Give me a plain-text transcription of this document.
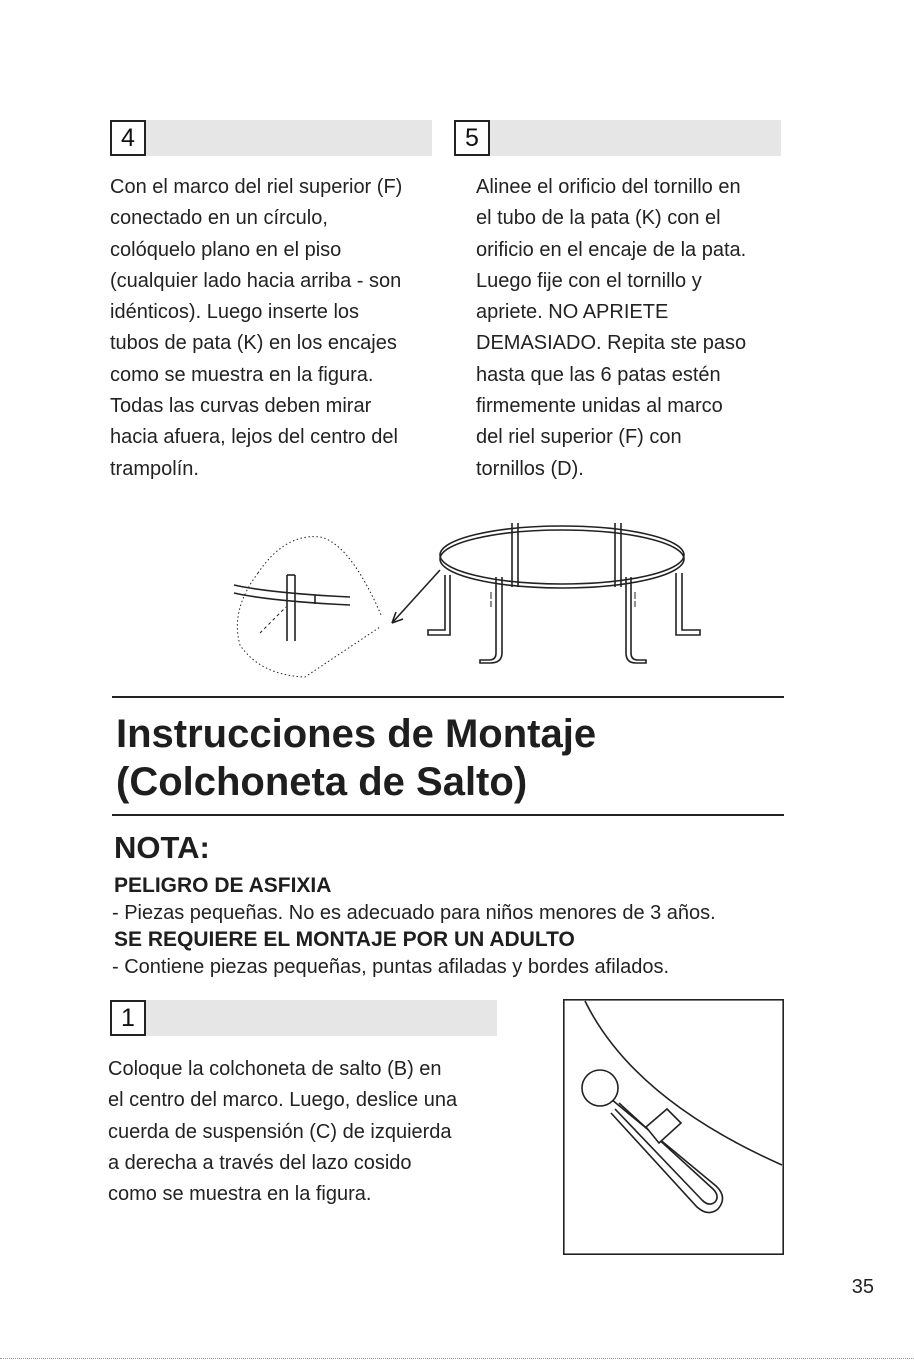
4
Con el marco del riel superior (F)
conectado en un círculo,
colóquelo plano en el piso
(cualquier lado hacia arriba - son
idénticos). Luego inserte los
tubos de pata (K) en los encajes
como se muestra en la figura.
Todas las curvas deben mirar
hacia afuera, lejos del centro del
trampolín.
5
Alinee el orificio del tornillo en
el tubo de la pata (K) con el
orificio en el encaje de la pata.
Luego fije con el tornillo y
apriete. NO APRIETE
DEMASIADO. Repita ste paso
hasta que las 6 patas estén
firmemente unidas al marco
del riel superior (F) con
tornillos (D).
Instrucciones de Montaje
(Colchoneta de Salto)
NOTA:
PELIGRO DE ASFIXIA
- Piezas pequeñas. No es adecuado para niños menores de 3 años.
SE REQUIERE EL MONTAJE POR UN ADULTO
- Contiene piezas pequeñas, puntas afiladas y bordes afilados.
1
Coloque la colchoneta de salto (B) en
el centro del marco. Luego, deslice una
cuerda de suspensión (C) de izquierda
a derecha a través del lazo cosido
como se muestra en la figura.
35
